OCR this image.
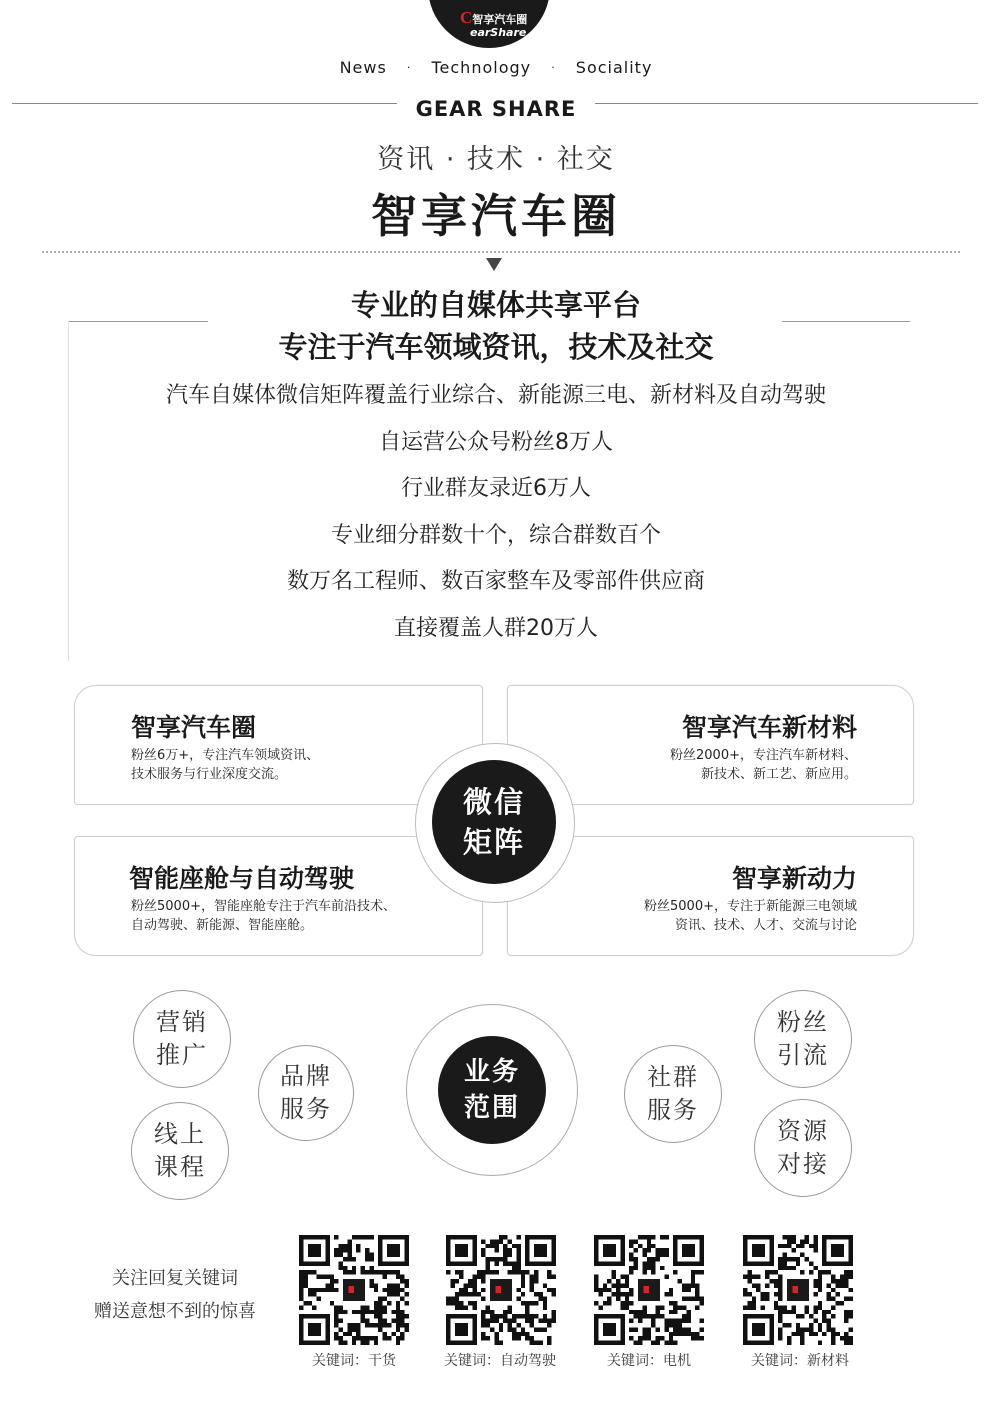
C智享汽车圈
earShare
News · Technology · Sociality
GEAR SHARE
资讯 · 技术 · 社交
智享汽车圈
专业的自媒体共享平台
专注于汽车领域资讯，技术及社交
汽车自媒体微信矩阵覆盖行业综合、新能源三电、新材料及自动驾驶
自运营公众号粉丝8万人
行业群友录近6万人
专业细分群数十个，综合群数百个
数万名工程师、数百家整车及零部件供应商
直接覆盖人群20万人
智享汽车圈
粉丝6万+，专注汽车领域资讯、
技术服务与行业深度交流。
智享汽车新材料
粉丝2000+，专注汽车新材料、
新技术、新工艺、新应用。
智能座舱与自动驾驶
粉丝5000+，智能座舱专注于汽车前沿技术、
自动驾驶、新能源、智能座舱。
智享新动力
粉丝5000+，专注于新能源三电领域
资讯、技术、人才、交流与讨论
微信
矩阵
营销
推广
线上
课程
品牌
服务
业务
范围
社群
服务
粉丝
引流
资源
对接
关注回复关键词
赠送意想不到的惊喜
关键词：干货	关键词：自动驾驶	关键词：电机	关键词：新材料
